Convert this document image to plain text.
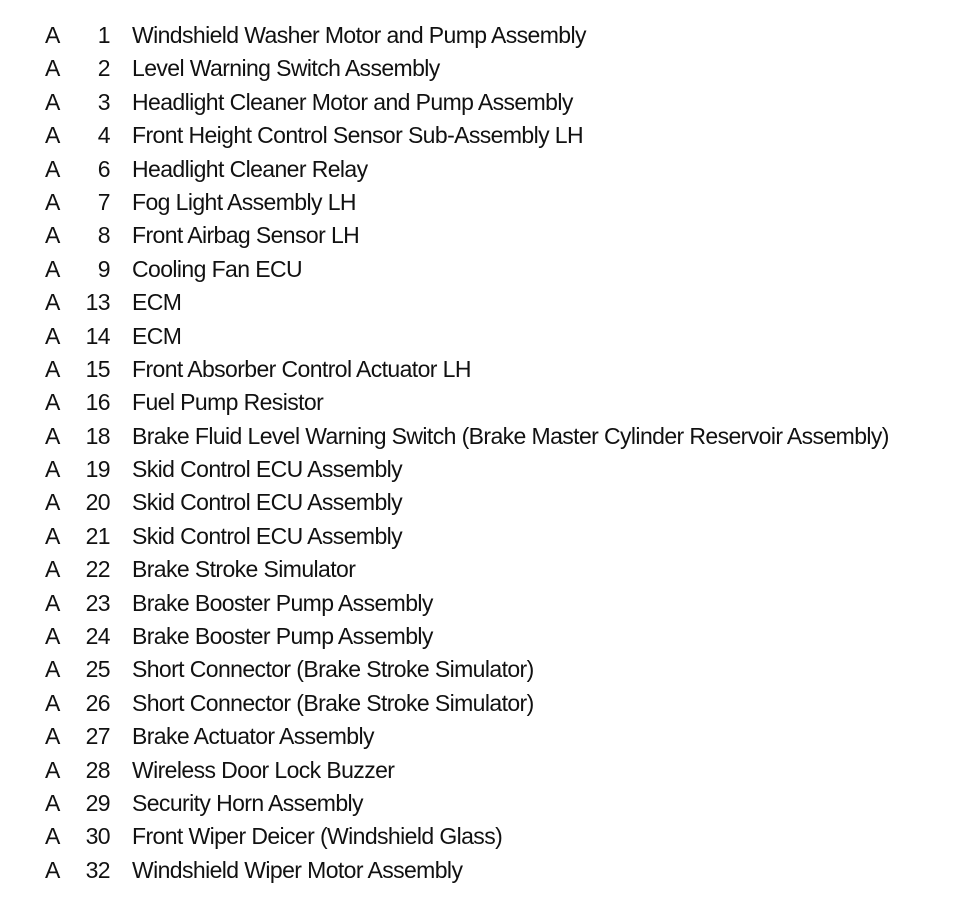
A	1 Windshield Washer Motor and Pump Assembly
A	2 Level Warning Switch Assembly
A	3 Headlight Cleaner Motor and Pump Assembly
A	4 Front Height Control Sensor Sub-Assembly LH
A	6 Headlight Cleaner Relay
A	7 Fog Light Assembly LH
A	8 Front Airbag Sensor LH
A	9 Cooling Fan ECU
A	13 ECM
A	14 ECM
A	15 Front Absorber Control Actuator LH
A	16 Fuel Pump Resistor
A	18 Brake Fluid Level Warning Switch (Brake Master Cylinder Reservoir Assembly)
A	19 Skid Control ECU Assembly
A	20 Skid Control ECU Assembly
A	21 Skid Control ECU Assembly
A	22 Brake Stroke Simulator
A	23 Brake Booster Pump Assembly
A	24 Brake Booster Pump Assembly
A	25 Short Connector (Brake Stroke Simulator)
A	26 Short Connector (Brake Stroke Simulator)
A	27 Brake Actuator Assembly
A	28 Wireless Door Lock Buzzer
A	29 Security Horn Assembly
A	30 Front Wiper Deicer (Windshield Glass)
A	32 Windshield Wiper Motor Assembly
